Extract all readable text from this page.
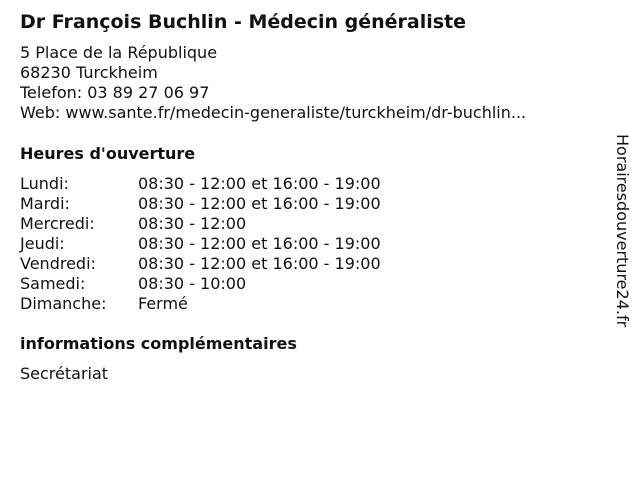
Dr François Buchlin - Médecin généraliste
5 Place de la République
68230 Turckheim
Telefon: 03 89 27 06 97
Web: www.sante.fr/medecin-generaliste/turckheim/dr-buchlin...
Heures d'ouverture
Lundi:	08:30 - 12:00 et 16:00 - 19:00
Mardi:	08:30 - 12:00 et 16:00 - 19:00
Mercredi:	08:30 - 12:00
Jeudi:	08:30 - 12:00 et 16:00 - 19:00
Vendredi:	08:30 - 12:00 et 16:00 - 19:00
Samedi:	08:30 - 10:00
Dimanche:	Fermé
informations complémentaires
Secrétariat
Horairesdouverture24.fr
